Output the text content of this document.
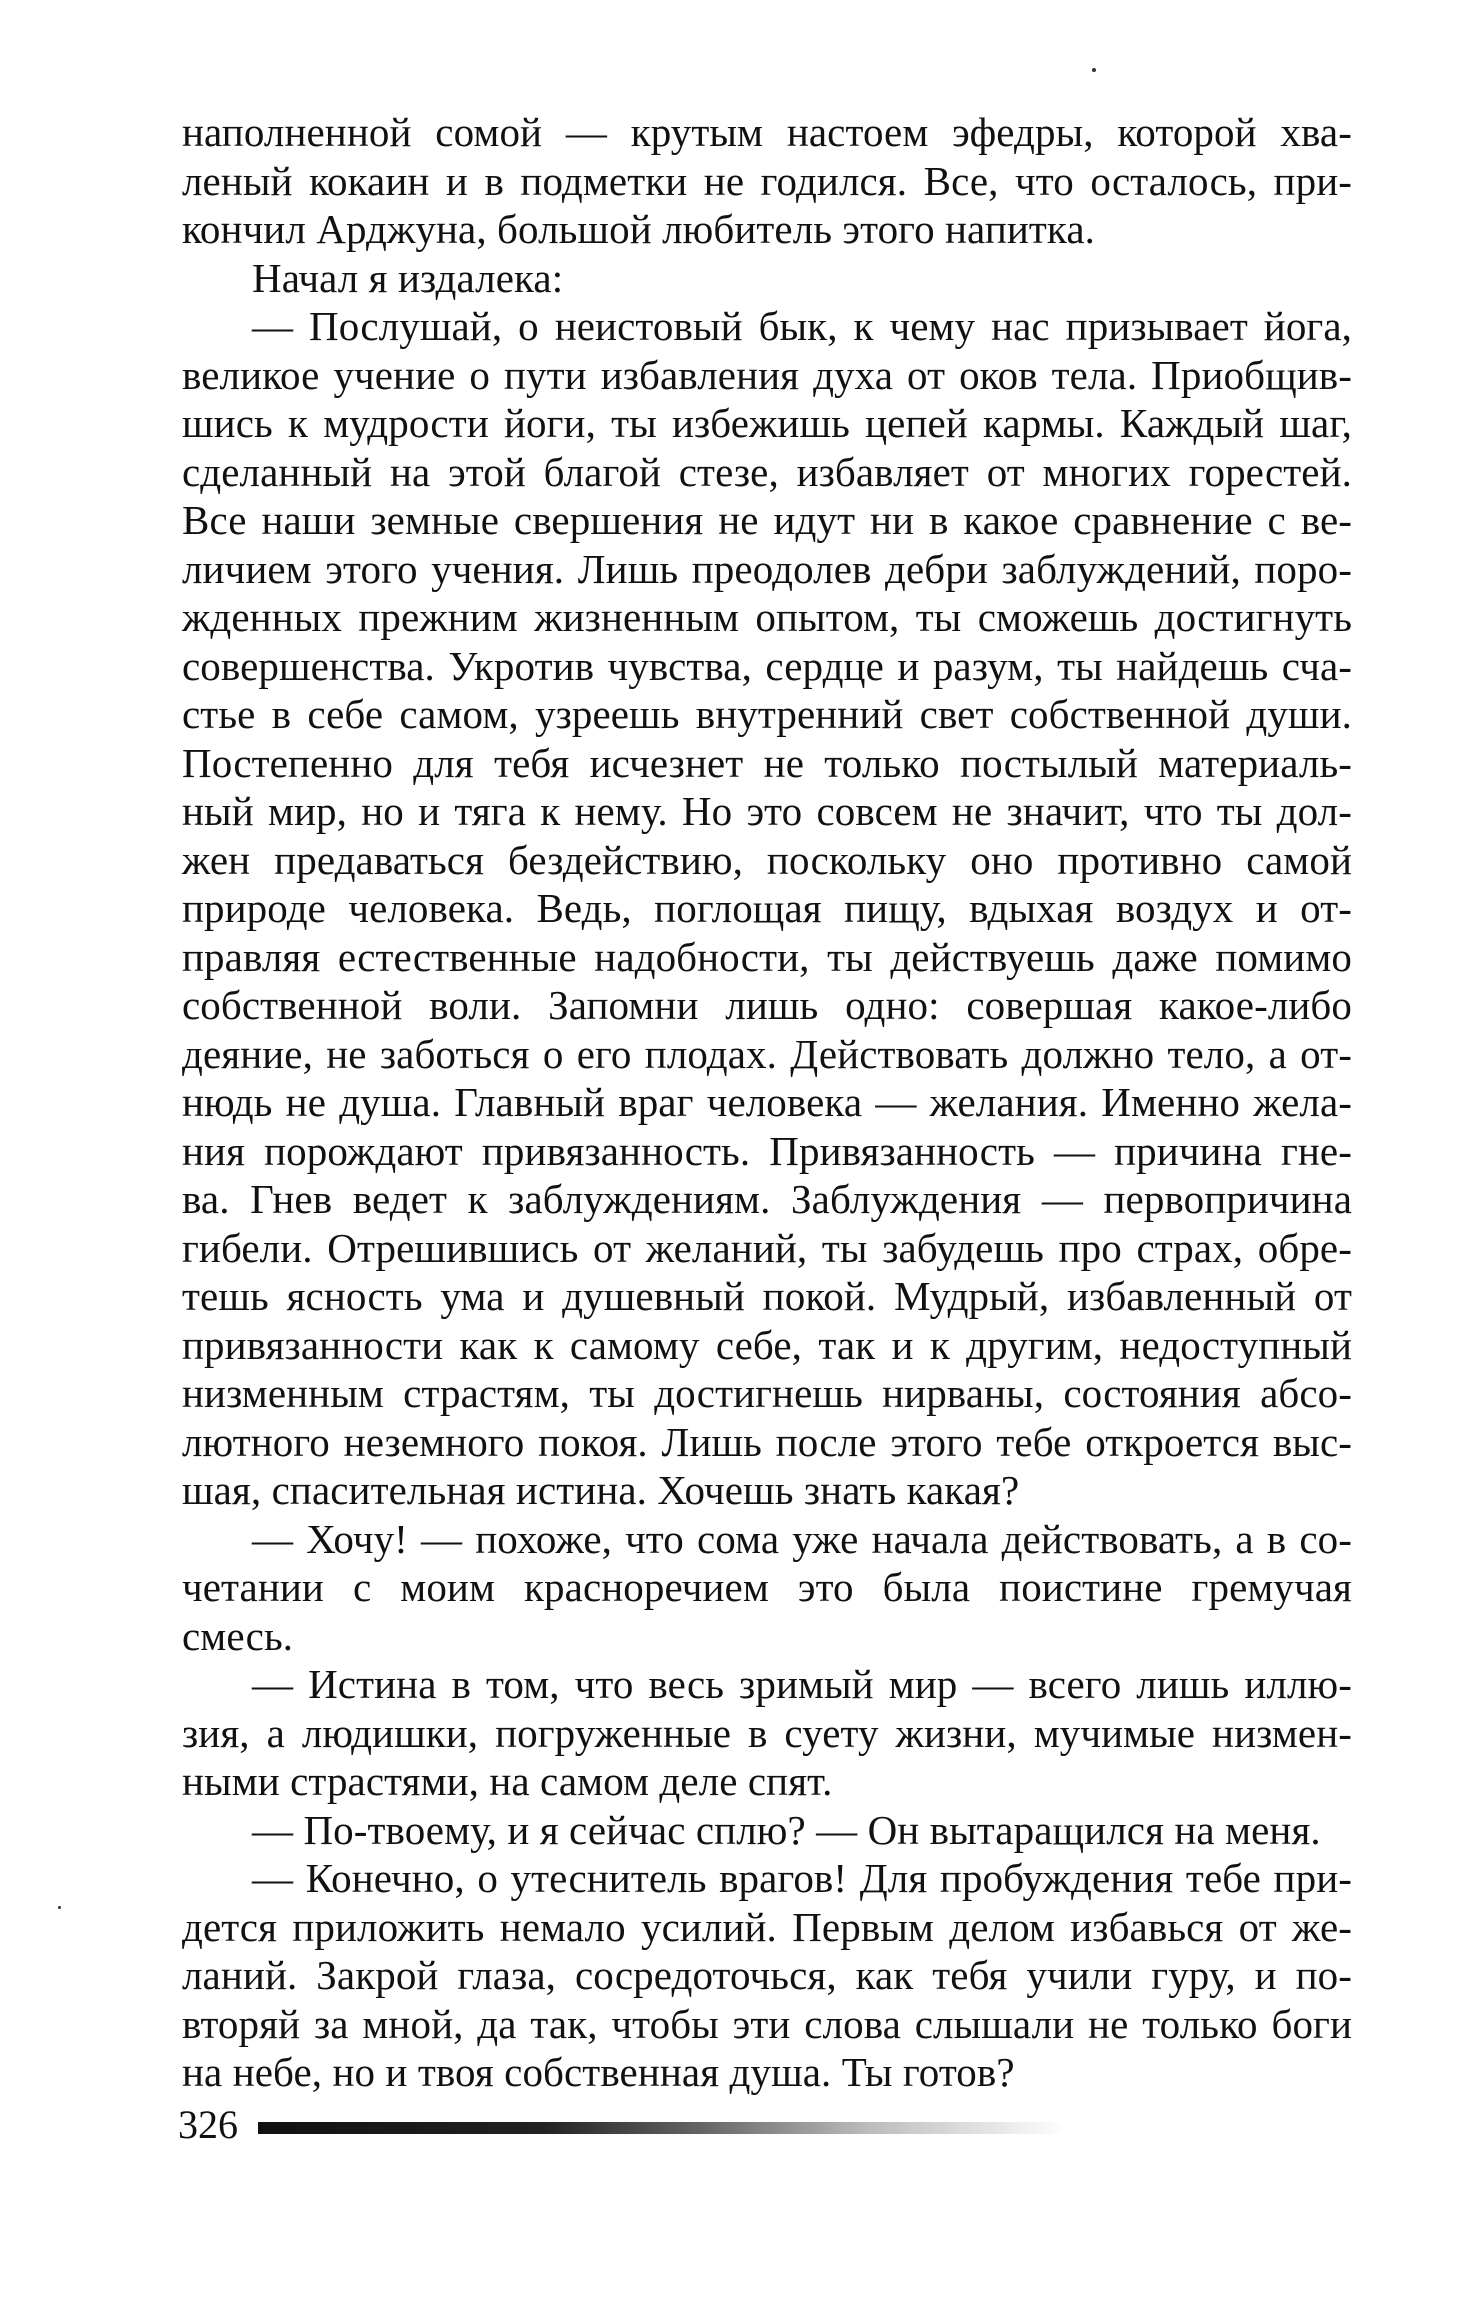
наполненной сомой — крутым настоем эфедры, которой хва-
леный кокаин и в подметки не годился. Все, что осталось, при-
кончил Арджуна, большой любитель этого напитка.
Начал я издалека:
— Послушай, о неистовый бык, к чему нас призывает йога,
великое учение о пути избавления духа от оков тела. Приобщив-
шись к мудрости йоги, ты избежишь цепей кармы. Каждый шаг,
сделанный на этой благой стезе, избавляет от многих горестей.
Все наши земные свершения не идут ни в какое сравнение с ве-
личием этого учения. Лишь преодолев дебри заблуждений, поро-
жденных прежним жизненным опытом, ты сможешь достигнуть
совершенства. Укротив чувства, сердце и разум, ты найдешь сча-
стье в себе самом, узреешь внутренний свет собственной души.
Постепенно для тебя исчезнет не только постылый материаль-
ный мир, но и тяга к нему. Но это совсем не значит, что ты дол-
жен предаваться бездействию, поскольку оно противно самой
природе человека. Ведь, поглощая пищу, вдыхая воздух и от-
правляя естественные надобности, ты действуешь даже помимо
собственной воли. Запомни лишь одно: совершая какое-либо
деяние, не заботься о его плодах. Действовать должно тело, а от-
нюдь не душа. Главный враг человека — желания. Именно жела-
ния порождают привязанность. Привязанность — причина гне-
ва. Гнев ведет к заблуждениям. Заблуждения — первопричина
гибели. Отрешившись от желаний, ты забудешь про страх, обре-
тешь ясность ума и душевный покой. Мудрый, избавленный от
привязанности как к самому себе, так и к другим, недоступный
низменным страстям, ты достигнешь нирваны, состояния абсо-
лютного неземного покоя. Лишь после этого тебе откроется выс-
шая, спасительная истина. Хочешь знать какая?
— Хочу! — похоже, что сома уже начала действовать, а в со-
четании с моим красноречием это была поистине гремучая
смесь.
— Истина в том, что весь зримый мир — всего лишь иллю-
зия, а людишки, погруженные в суету жизни, мучимые низмен-
ными страстями, на самом деле спят.
— По-твоему, и я сейчас сплю? — Он вытаращился на меня.
— Конечно, о утеснитель врагов! Для пробуждения тебе при-
дется приложить немало усилий. Первым делом избавься от же-
ланий. Закрой глаза, сосредоточься, как тебя учили гуру, и по-
вторяй за мной, да так, чтобы эти слова слышали не только боги
на небе, но и твоя собственная душа. Ты готов?
326
